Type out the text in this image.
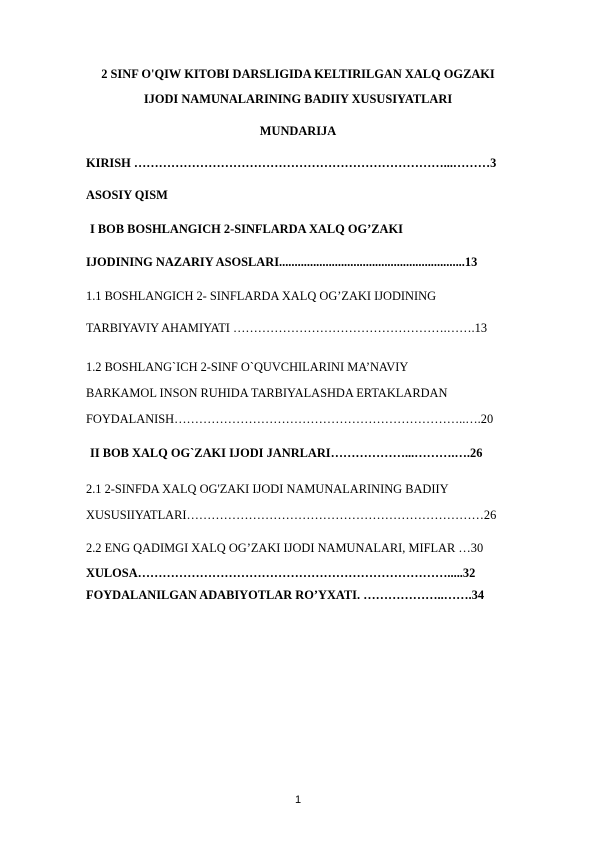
2 SINF O'QIW KITOBI DARSLIGIDA KELTIRILGAN XALQ OGZAKI
IJODI NAMUNALARINING BADIIY XUSUSIYATLARI
MUNDARIJA
KIRISH …………………………………………………………………...………3
ASOSIY QISM
I BOB BOSHLANGICH 2-SINFLARDA XALQ OG’ZAKI
IJODINING NAZARIY ASOSLARI............................................................13
1.1 BOSHLANGICH 2- SINFLARDA XALQ OG’ZAKI IJODINING
TARBIYAVIY AHAMIYATI …………………………………………….…….13
1.2 BOSHLANG`ICH 2-SINF O`QUVCHILARINI MA’NAVIY
BARKAMOL INSON RUHIDA TARBIYALASHDA ERTAKLARDAN
FOYDALANISH……………………………………………………………..….20
II BOB XALQ OG`ZAKI IJODI JANRLARI………………...……….….26
2.1 2-SINFDA XALQ OG'ZAKI IJODI NAMUNALARINING BADIIY
XUSUSIIYATLARI………………………………………………………………26
2.2 ENG QADIMGI XALQ OG’ZAKI IJODI NAMUNALARI, MIFLAR …30
XULOSA………………………………………………………………….....32
FOYDALANILGAN ADABIYOTLAR RO’YXATI. ………………..…….34
1
